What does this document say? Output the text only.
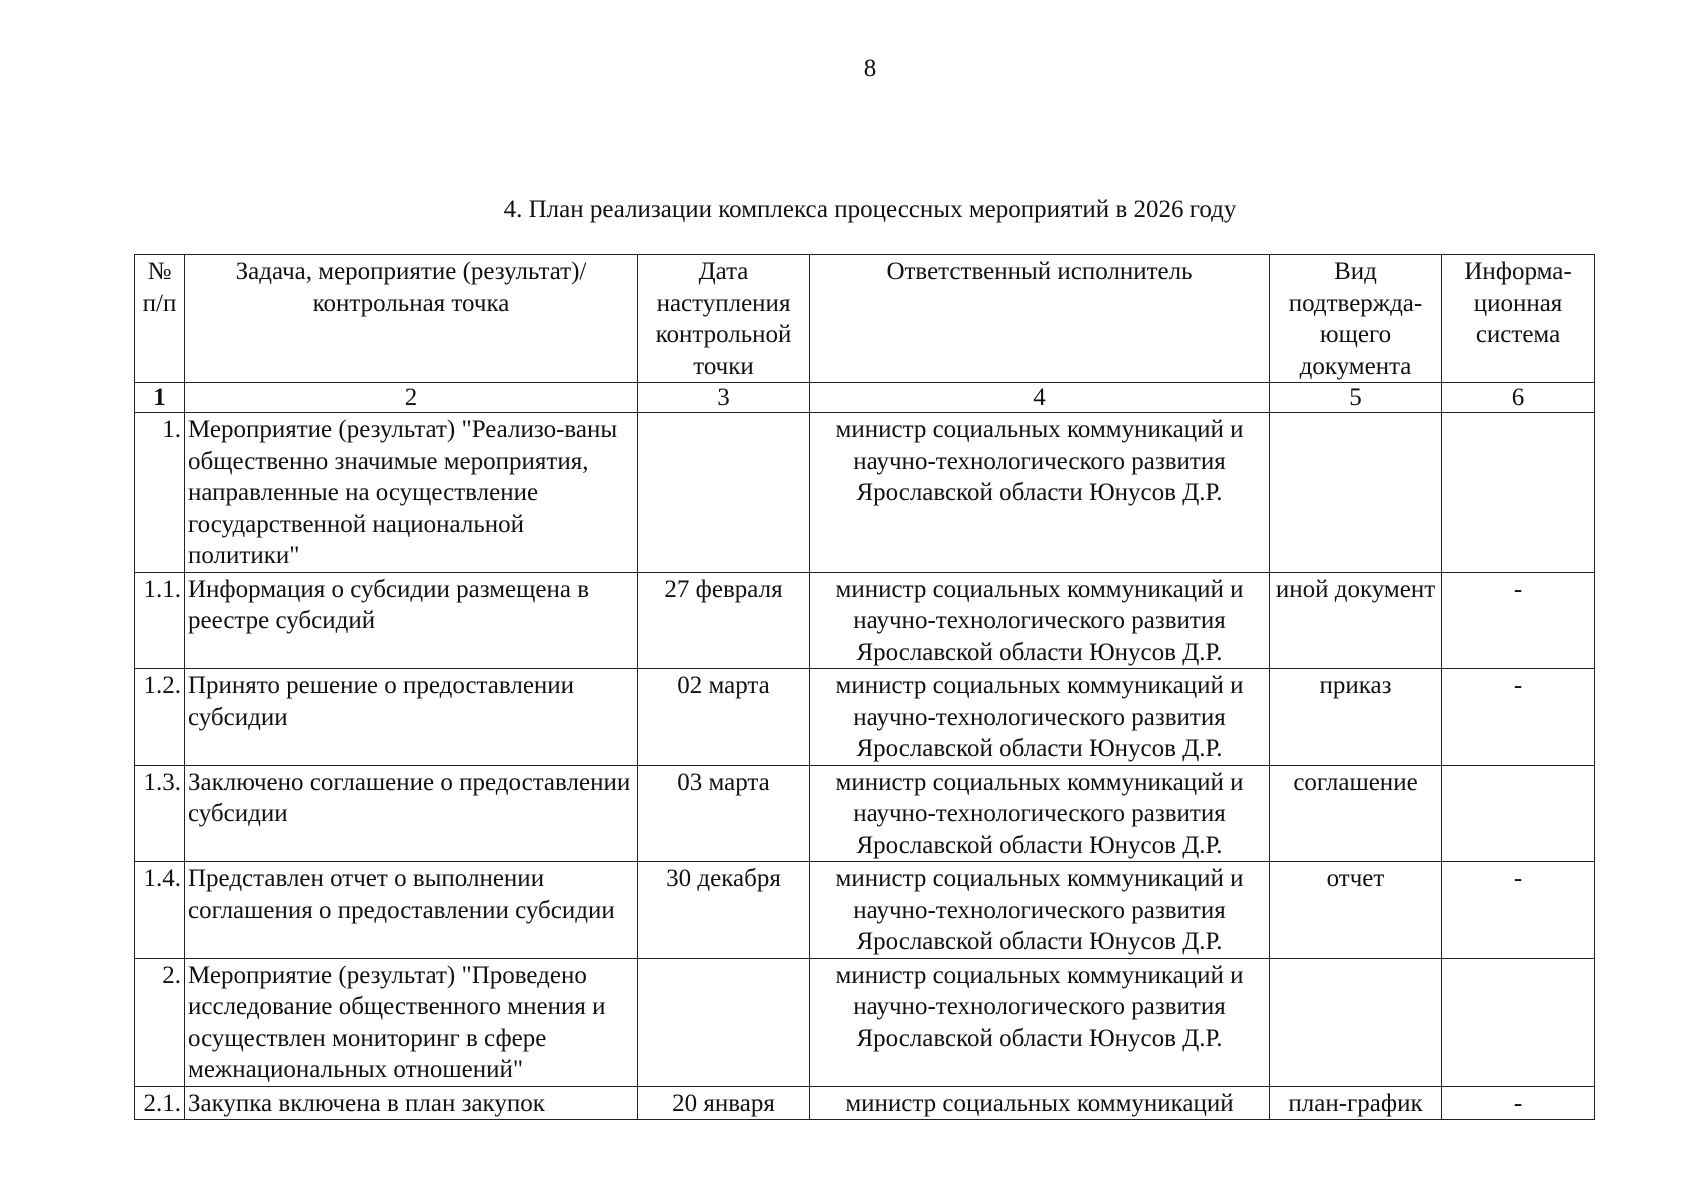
8
4. План реализации комплекса процессных мероприятий в 2026 году
№ п/п	Задача, мероприятие (результат)/ контрольная точка	Дата наступления контрольной точки	Ответственный исполнитель	Вид подтвержда-ющего документа	Информа-ционная система
1	2	3	4	5	6
1.	Мероприятие (результат) "Реализо-ваны общественно значимые мероприятия, направленные на осуществление государственной национальной политики"		министр социальных коммуникаций и научно-технологического развития Ярославской области Юнусов Д.Р.		
1.1.	Информация о субсидии размещена в реестре субсидий	27 февраля	министр социальных коммуникаций и научно-технологического развития Ярославской области Юнусов Д.Р.	иной документ	-
1.2.	Принято решение о предоставлении субсидии	02 марта	министр социальных коммуникаций и научно-технологического развития Ярославской области Юнусов Д.Р.	приказ	-
1.3.	Заключено соглашение о предоставлении субсидии	03 марта	министр социальных коммуникаций и научно-технологического развития Ярославской области Юнусов Д.Р.	соглашение	
1.4.	Представлен отчет о выполнении соглашения о предоставлении субсидии	30 декабря	министр социальных коммуникаций и научно-технологического развития Ярославской области Юнусов Д.Р.	отчет	-
2.	Мероприятие (результат) "Проведено исследование общественного мнения и осуществлен мониторинг в сфере межнациональных отношений"		министр социальных коммуникаций и научно-технологического развития Ярославской области Юнусов Д.Р.		
2.1.	Закупка включена в план закупок	20 января	министр социальных коммуникаций	план-график	-
